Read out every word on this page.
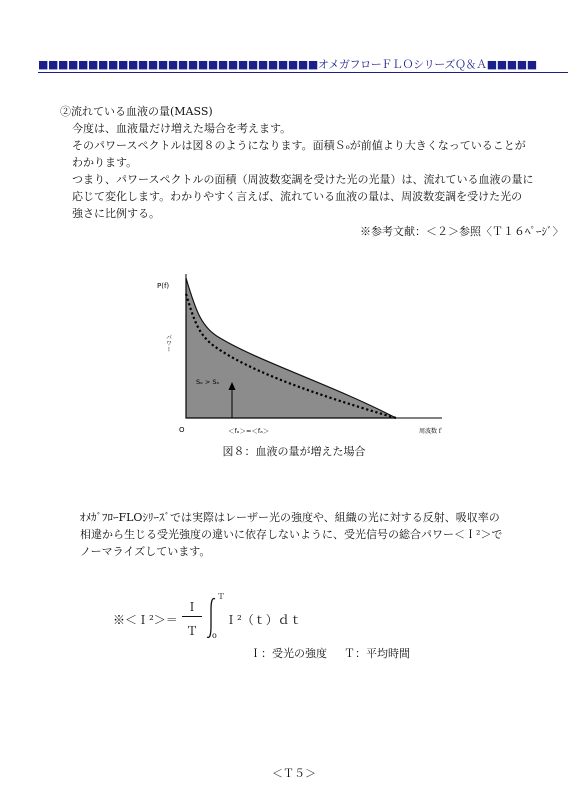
■■■■■■■■■■■■■■■■■■■■■■■■■■■■オメガフローＦＬＯシリーズＱ＆Ａ■■■■■
②流れている血液の量(MASS)
今度は、血液量だけ増えた場合を考えます。
そのパワースペクトルは図８のようになります。面積Ｓₒが前値より大きくなっていることが
わかります。
つまり、パワースペクトルの面積（周波数変調を受けた光の光量）は、流れている血液の量に
応じて変化します。わかりやすく言えば、流れている血液の量は、周波数変調を受けた光の
強さに比例する。
※参考文献：＜２＞参照〈Ｔ１６ﾍﾟｰｼﾞ〉
P(f)
パワー
Sₒ > Sₐ
O	＜fₒ＞=＜fₐ＞	周波数ｆ
図８：血液の量が増えた場合
ｵﾒｶﾞﾌﾛｰFLOｼﾘｰｽﾞでは実際はレーザー光の強度や、組織の光に対する反射、吸収率の
相違から生じる受光強度の違いに依存しないように、受光信号の総合パワー＜Ｉ²＞で
ノーマライズしています。
※＜Ｉ²＞＝
Ｉ
Ｔ
Ｔ
o
Ｉ²（ｔ）ｄｔ
Ｉ：受光の強度 Ｔ：平均時間
＜Ｔ５＞
